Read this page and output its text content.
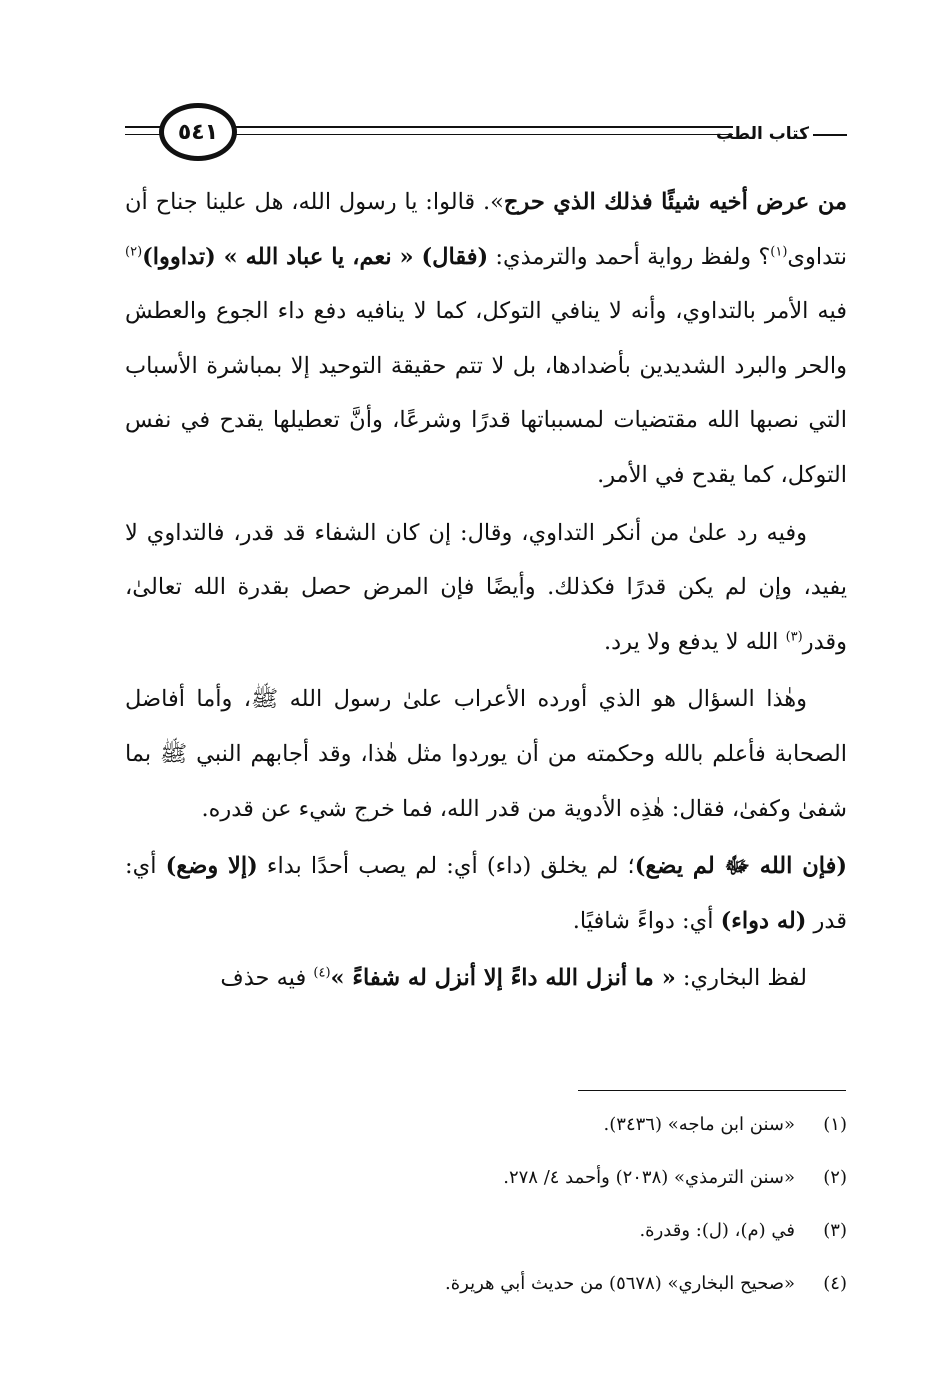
٥٤١	كتاب الطب

من عرض أخيه شيئًا فذلك الذي حرج». قالوا: يا رسول الله، هل علينا جناح أن نتداوى$^{(١)}$؟ ولفظ رواية أحمد والترمذي: (فقال) « نعم، يا عباد الله » (تداووا)$^{(٢)}$ فيه الأمر بالتداوي، وأنه لا ينافي التوكل، كما لا ينافيه دفع داء الجوع والعطش والحر والبرد الشديدين بأضدادها، بل لا تتم حقيقة التوحيد إلا بمباشرة الأسباب التي نصبها الله مقتضيات لمسبباتها قدرًا وشرعًا، وأنَّ تعطيلها يقدح في نفس التوكل، كما يقدح في الأمر.

وفيه رد علىٰ من أنكر التداوي، وقال: إن كان الشفاء قد قدر، فالتداوي لا يفيد، وإن لم يكن قدرًا فكذلك. وأيضًا فإن المرض حصل بقدرة الله تعالىٰ، وقدر$^{(٣)}$ الله لا يدفع ولا يرد.

وهٰذا السؤال هو الذي أورده الأعراب علىٰ رسول الله ﷺ، وأما أفاضل الصحابة فأعلم بالله وحكمته من أن يوردوا مثل هٰذا، وقد أجابهم النبي ﷺ بما شفىٰ وكفىٰ، فقال: هٰذِه الأدوية من قدر الله، فما خرج شيء عن قدره.

(فإن الله ﷻ لم يضع)؛ لم يخلق (داء) أي: لم يصب أحدًا بداء (إلا وضع) أي: قدر (له دواء) أي: دواءً شافيًا.

لفظ البخاري: « ما أنزل الله داءً إلا أنزل له شفاءً »$^{(٤)}$ فيه حذف

(١)
«سنن ابن ماجه» (٣٤٣٦).
(٢)
«سنن الترمذي» (٢٠٣٨) وأحمد ٤/ ٢٧٨.
(٣)
في (م)، (ل): وقدرة.
(٤)
«صحيح البخاري» (٥٦٧٨) من حديث أبي هريرة.
